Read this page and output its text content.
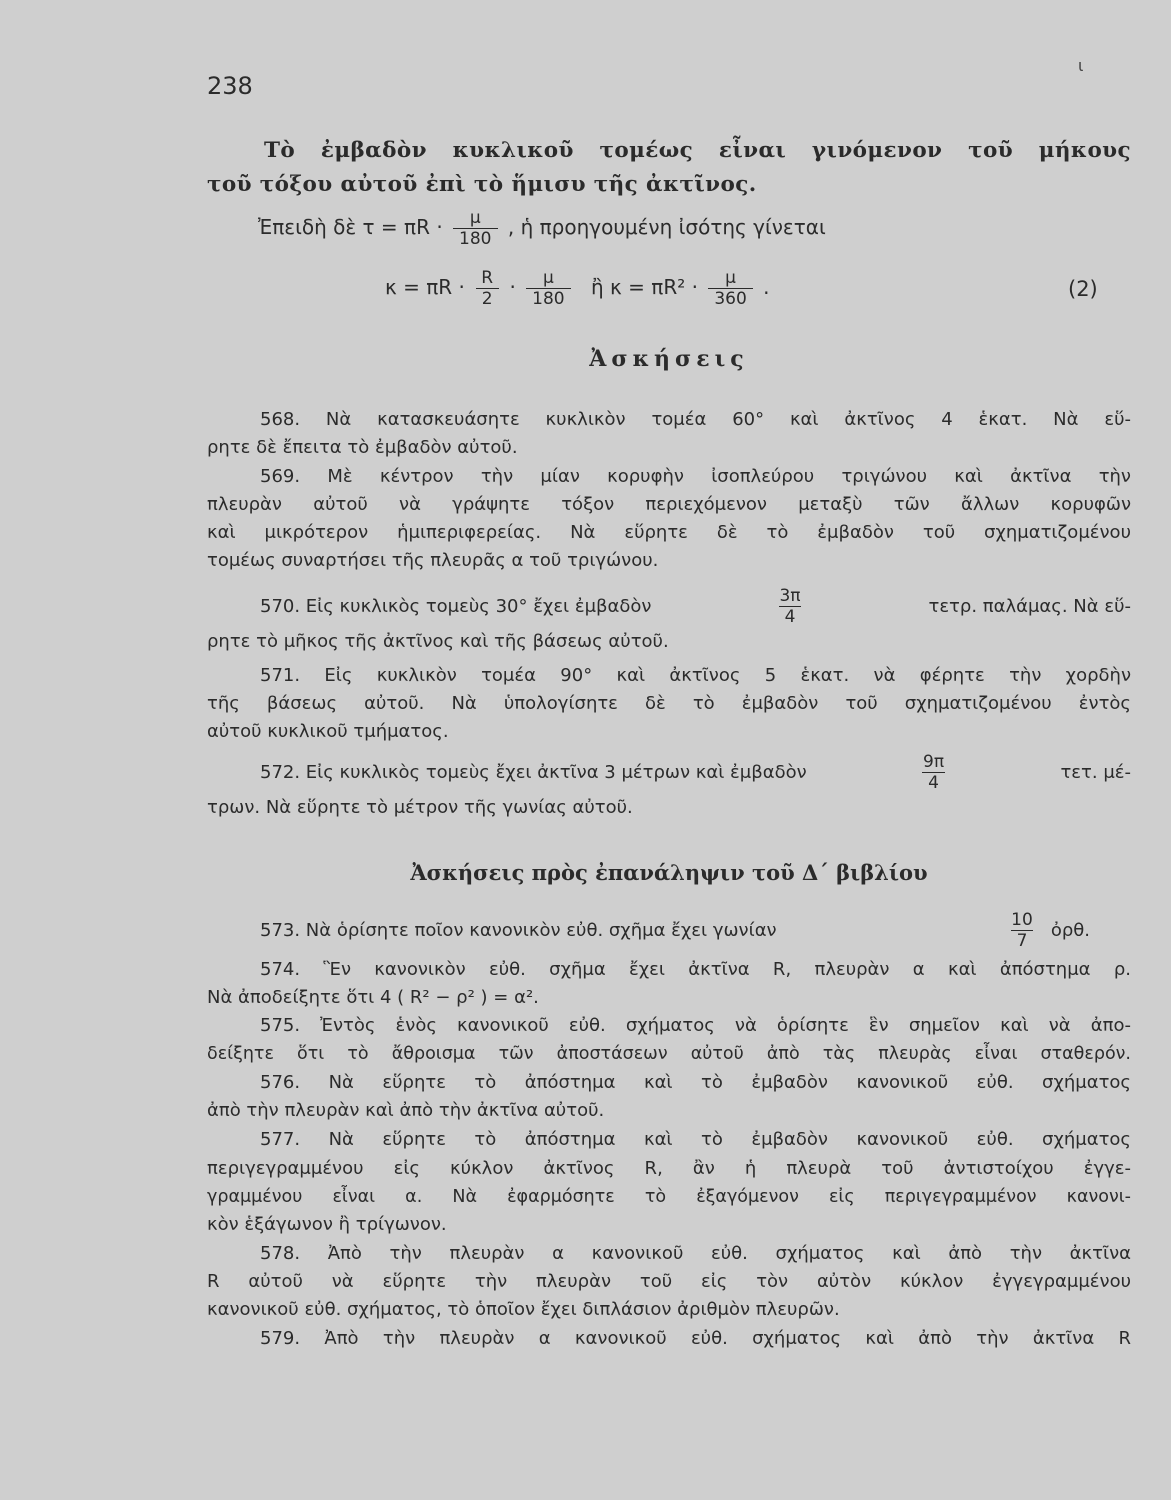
238
ι
Τὸ ἐμβαδὸν κυκλικοῦ τομέως εἶναι γινόμενον τοῦ μήκους
τοῦ τόξου αὐτοῦ ἐπὶ τὸ ἥμισυ τῆς ἀκτῖνος.
Ἐπειδὴ δὲ $\tau = \pi R \cdot \frac{\mu}{180}$ , ἡ προηγουμένη ἰσότης γίνεται
$\kappa = \pi R \cdot \frac{R}{2} \cdot \frac{\mu}{180}$ ἢ $\kappa = \pi R^2 \cdot \frac{\mu}{360}$ .	(2)
Ἀσκήσεις
568. Νὰ κατασκευάσητε κυκλικὸν τομέα 60° καὶ ἀκτῖνος 4 ἑκατ. Νὰ εὕ-
ρητε δὲ ἔπειτα τὸ ἐμβαδὸν αὐτοῦ.
569. Μὲ κέντρον τὴν μίαν κορυφὴν ἰσοπλεύρου τριγώνου καὶ ἀκτῖνα τὴν
πλευρὰν αὐτοῦ νὰ γράψητε τόξον περιεχόμενον μεταξὺ τῶν ἄλλων κορυφῶν
καὶ μικρότερον ἡμιπεριφερείας. Νὰ εὕρητε δὲ τὸ ἐμβαδὸν τοῦ σχηματιζομένου
τομέως συναρτήσει τῆς πλευρᾶς α τοῦ τριγώνου.
570. Εἰς κυκλικὸς τομεὺς 30° ἔχει ἐμβαδὸν	$\frac{3\pi}{4}$	τετρ. παλάμας. Νὰ εὕ-
ρητε τὸ μῆκος τῆς ἀκτῖνος καὶ τῆς βάσεως αὐτοῦ.
571. Εἰς κυκλικὸν τομέα 90° καὶ ἀκτῖνος 5 ἑκατ. νὰ φέρητε τὴν χορδὴν
τῆς βάσεως αὐτοῦ. Νὰ ὑπολογίσητε δὲ τὸ ἐμβαδὸν τοῦ σχηματιζομένου ἐντὸς
αὐτοῦ κυκλικοῦ τμήματος.
572. Εἰς κυκλικὸς τομεὺς ἔχει ἀκτῖνα 3 μέτρων καὶ ἐμβαδὸν	$\frac{9\pi}{4}$	τετ. μέ-
τρων. Νὰ εὕρητε τὸ μέτρον τῆς γωνίας αὐτοῦ.
Ἀσκήσεις πρὸς ἐπανάληψιν τοῦ Δ΄ βιβλίου
573. Νὰ ὁρίσητε ποῖον κανονικὸν εὐθ. σχῆμα ἔχει γωνίαν	$\frac{10}{7}$ ὀρθ.
574. Ἓν κανονικὸν εὐθ. σχῆμα ἔχει ἀκτῖνα R, πλευρὰν α καὶ ἀπόστημα ρ.
Νὰ ἀποδείξητε ὅτι 4 ( R² − ρ² ) = α².
575. Ἐντὸς ἑνὸς κανονικοῦ εὐθ. σχήματος νὰ ὁρίσητε ἓν σημεῖον καὶ νὰ ἀπο-
δείξητε ὅτι τὸ ἄθροισμα τῶν ἀποστάσεων αὐτοῦ ἀπὸ τὰς πλευρὰς εἶναι σταθερόν.
576. Νὰ εὕρητε τὸ ἀπόστημα καὶ τὸ ἐμβαδὸν κανονικοῦ εὐθ. σχήματος
ἀπὸ τὴν πλευρὰν καὶ ἀπὸ τὴν ἀκτῖνα αὐτοῦ.
577. Νὰ εὕρητε τὸ ἀπόστημα καὶ τὸ ἐμβαδὸν κανονικοῦ εὐθ. σχήματος
περιγεγραμμένου εἰς κύκλον ἀκτῖνος R, ἂν ἡ πλευρὰ τοῦ ἀντιστοίχου ἐγγε-
γραμμένου εἶναι α. Νὰ ἐφαρμόσητε τὸ ἐξαγόμενον εἰς περιγεγραμμένον κανονι-
κὸν ἑξάγωνον ἢ τρίγωνον.
578. Ἀπὸ τὴν πλευρὰν α κανονικοῦ εὐθ. σχήματος καὶ ἀπὸ τὴν ἀκτῖνα
R αὐτοῦ νὰ εὕρητε τὴν πλευρὰν τοῦ εἰς τὸν αὐτὸν κύκλον ἐγγεγραμμένου
κανονικοῦ εὐθ. σχήματος, τὸ ὁποῖον ἔχει διπλάσιον ἀριθμὸν πλευρῶν.
579. Ἀπὸ τὴν πλευρὰν α κανονικοῦ εὐθ. σχήματος καὶ ἀπὸ τὴν ἀκτῖνα R
